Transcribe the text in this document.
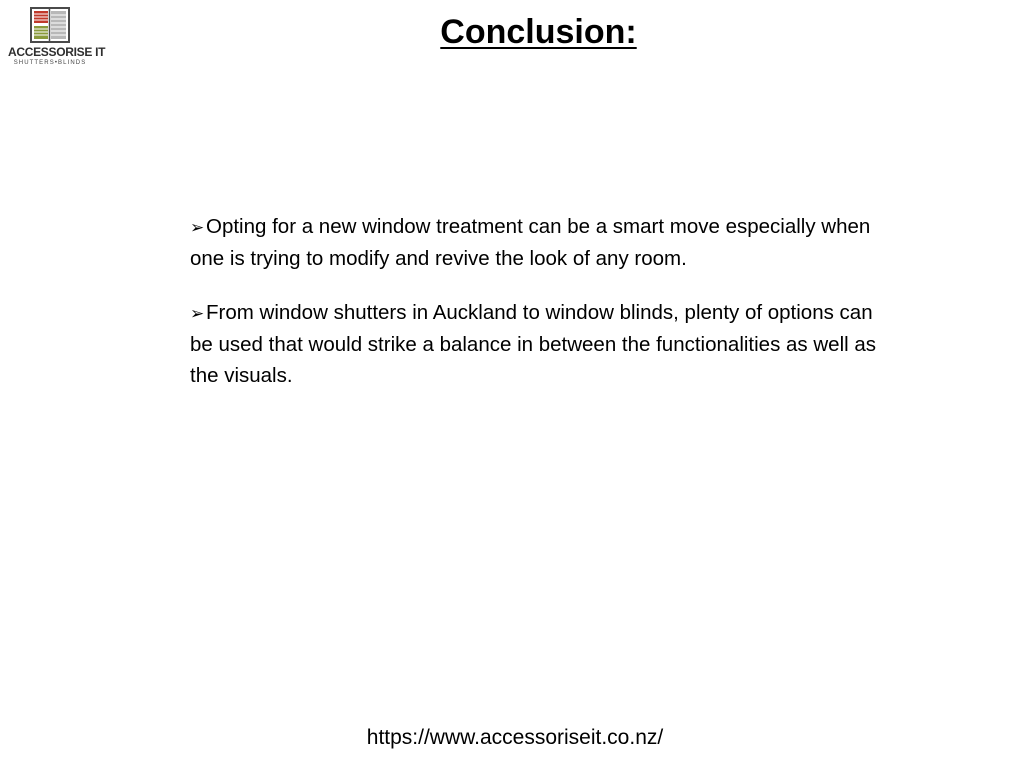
ACCESSORISE IT
SHUTTERS•BLINDS
Conclusion:

➢Opting for a new window treatment can be a smart move especially when one is trying to modify and revive the look of any room.

➢From window shutters in Auckland to window blinds, plenty of options can be used that would strike a balance in between the functionalities as well as the visuals.

https://www.accessoriseit.co.nz/
